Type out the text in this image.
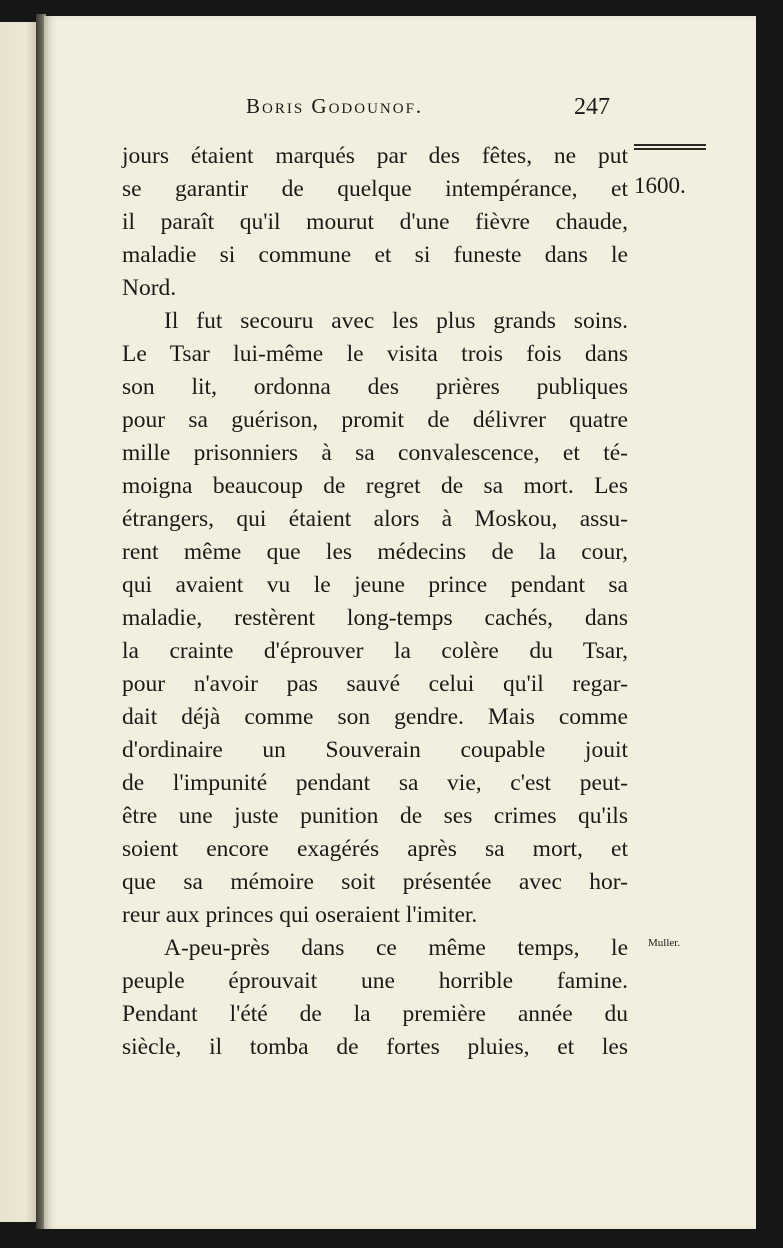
Boris Godounof.	247
1600.
Muller.
jours étaient marqués par des fêtes, ne put
se garantir de quelque intempérance, et
il paraît qu'il mourut d'une fièvre chaude,
maladie si commune et si funeste dans le
Nord.
Il fut secouru avec les plus grands soins.
Le Tsar lui-même le visita trois fois dans
son lit, ordonna des prières publiques
pour sa guérison, promit de délivrer quatre
mille prisonniers à sa convalescence, et té-
moigna beaucoup de regret de sa mort. Les
étrangers, qui étaient alors à Moskou, assu-
rent même que les médecins de la cour,
qui avaient vu le jeune prince pendant sa
maladie, restèrent long-temps cachés, dans
la crainte d'éprouver la colère du Tsar,
pour n'avoir pas sauvé celui qu'il regar-
dait déjà comme son gendre. Mais comme
d'ordinaire un Souverain coupable jouit
de l'impunité pendant sa vie, c'est peut-
être une juste punition de ses crimes qu'ils
soient encore exagérés après sa mort, et
que sa mémoire soit présentée avec hor-
reur aux princes qui oseraient l'imiter.
A-peu-près dans ce même temps, le
peuple éprouvait une horrible famine.
Pendant l'été de la première année du
siècle, il tomba de fortes pluies, et les
